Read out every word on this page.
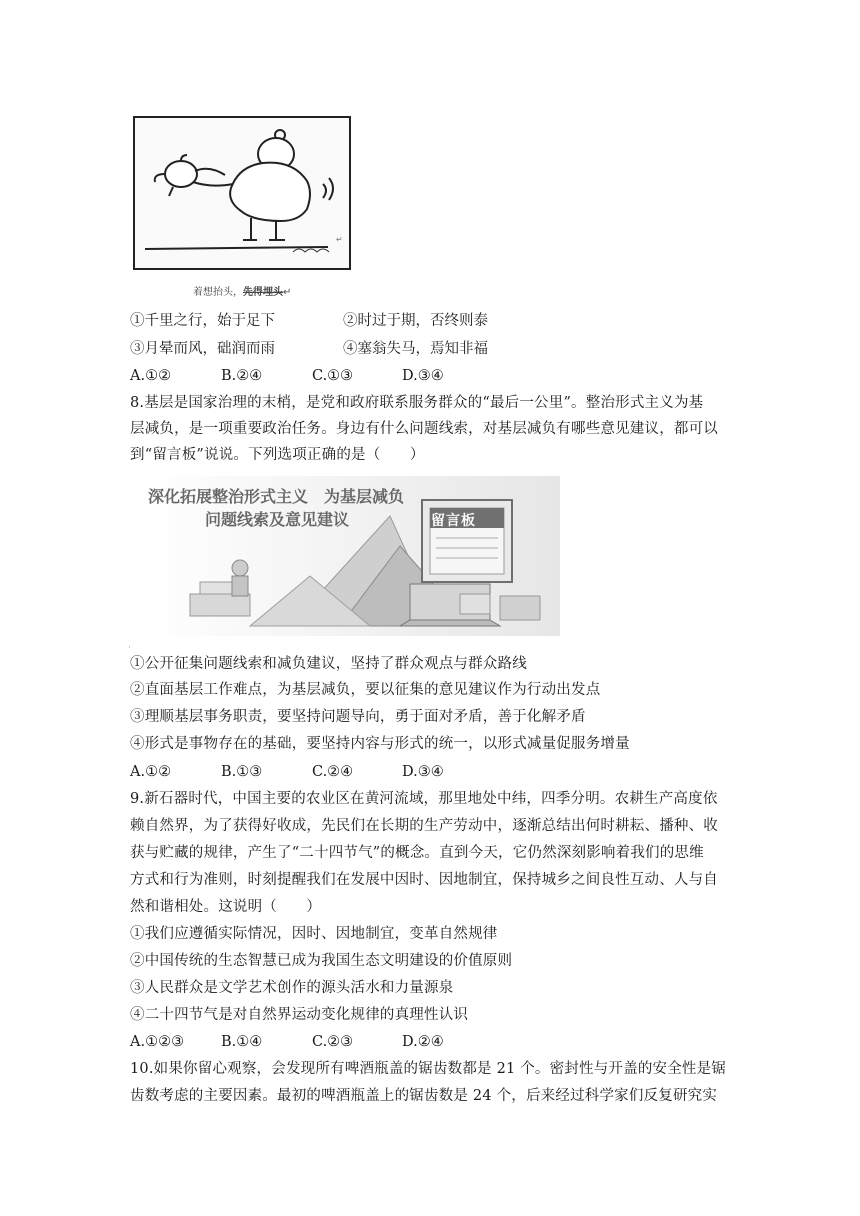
↵
着想抬头，先得埋头↵
①千里之行，始于足下	②时过于期，否终则泰
③月晕而风，础润而雨	④塞翁失马，焉知非福
A.①②	B.②④	C.①③	D.③④
8.基层是国家治理的末梢，是党和政府联系服务群众的“最后一公里”。整治形式主义为基
层减负，是一项重要政治任务。身边有什么问题线索，对基层减负有哪些意见建议，都可以
到“留言板”说说。下列选项正确的是（　　）
深化拓展整治形式主义　为基层减负
问题线索及意见建议	留言板
·
①公开征集问题线索和减负建议，坚持了群众观点与群众路线
②直面基层工作难点，为基层减负，要以征集的意见建议作为行动出发点
③理顺基层事务职责，要坚持问题导向，勇于面对矛盾，善于化解矛盾
④形式是事物存在的基础，要坚持内容与形式的统一，以形式减量促服务增量
A.①②	B.①③	C.②④	D.③④
9.新石器时代，中国主要的农业区在黄河流域，那里地处中纬，四季分明。农耕生产高度依
赖自然界，为了获得好收成，先民们在长期的生产劳动中，逐渐总结出何时耕耘、播种、收
获与贮藏的规律，产生了“二十四节气”的概念。直到今天，它仍然深刻影响着我们的思维
方式和行为准则，时刻提醒我们在发展中因时、因地制宜，保持城乡之间良性互动、人与自
然和谐相处。这说明（　　）
①我们应遵循实际情况，因时、因地制宜，变革自然规律
②中国传统的生态智慧已成为我国生态文明建设的价值原则
③人民群众是文学艺术创作的源头活水和力量源泉
④二十四节气是对自然界运动变化规律的真理性认识
A.①②③	B.①④	C.②③	D.②④
10.如果你留心观察，会发现所有啤酒瓶盖的锯齿数都是 21 个。密封性与开盖的安全性是锯
齿数考虑的主要因素。最初的啤酒瓶盖上的锯齿数是 24 个，后来经过科学家们反复研究实
